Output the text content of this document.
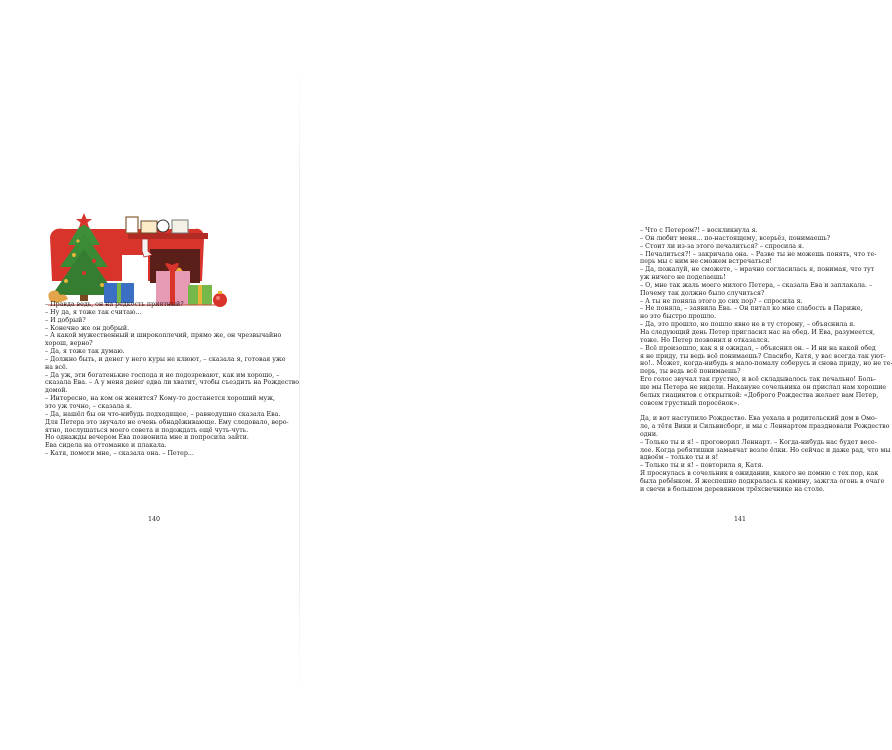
– Правда ведь, он на редкость приятный?
– Ну да, я тоже так считаю...
– И добрый?
– Конечно же он добрый.
– А какой мужественный и широкоплечий, прямо же, он чрезвычайно
хорош, верно?
– Да, я тоже так думаю.
– Должно быть, и денег у него куры не клюют, – сказала я, готовая уже
на всё.
– Да уж, эти богатенькие господа и не подозревают, как им хорошо, –
сказала Ева. – А у меня денег едва ли хватит, чтобы съездить на Рождество
домой.
– Интересно, на ком он женится? Кому-то достанется хороший муж,
это уж точно, – сказала я.
– Да, нашёл бы он что-нибудь подходящее, – равнодушно сказала Ева.
Для Петера это звучало не очень обнадёживающе. Ему следовало, веро-
ятно, послушаться моего совета и подождать ещё чуть-чуть.
Но однажды вечером Ева позвонила мне и попросила зайти.
Ева сидела на оттоманке и плакала.
– Катя, помоги мне, – сказала она. – Петер...
140
– Что с Петером?! – воскликнула я.
– Он любит меня... по-настоящему, всерьёз, понимаешь?
– Стоит ли из-за этого печалиться? – спросила я.
– Печалиться?! – закричала она. – Разве ты не можешь понять, что те-
перь мы с ним не сможем встречаться!
– Да, пожалуй, не сможете, – мрачно согласилась я, понимая, что тут
уж ничего не поделаешь!
– О, мне так жаль моего милого Петера, – сказала Ева и заплакала. –
Почему так должно было случиться?
– А ты не поняла этого до сих пор? – спросила я.
– Не поняла, – заявила Ева. – Он питал ко мне слабость в Париже,
но это быстро прошло.
– Да, это прошло, но пошло явно не в ту сторону, – объяснила я.
На следующий день Петер пригласил нас на обед. И Ева, разумеется,
тоже. Но Петер позвонил и отказался.
– Всё произошло, как я и ожидал, – объяснил он. – И ни на какой обед
я не приду, ты ведь всё понимаешь? Спасибо, Катя, у вас всегда так уют-
но!.. Может, когда-нибудь я мало-помалу соберусь и снова приду, но не те-
перь, ты ведь всё понимаешь?
Его голос звучал так грустно, и всё складывалось так печально! Боль-
ше мы Петера не видели. Накануне сочельника он прислал нам хорошие
белых гиацинтов с открыткой: «Доброго Рождества желает вам Петер,
совсем грустный поросёнок».
Да, и вот наступило Рождество. Ева уехала в родительский дом в Омо-
ле, а тётя Вики и Сильвисборг, и мы с Леннартом праздновали Рождество
одни.
– Только ты и я! – проговорил Леннарт. – Когда-нибудь нас будет весе-
лее. Когда ребятишки замаячат возле ёлки. Но сейчас и даже рад, что мы
вдвоём – только ты и я!
– Только ты и я! – повторила я, Катя.
Я проснулась в сочельник в ожидании, какого не помню с тех пор, как
была ребёнком. Я жеспешно подкралась к камину, зажгла огонь в очаге
и свечи в большом деревянном трёхсвечнике на столе.
141
